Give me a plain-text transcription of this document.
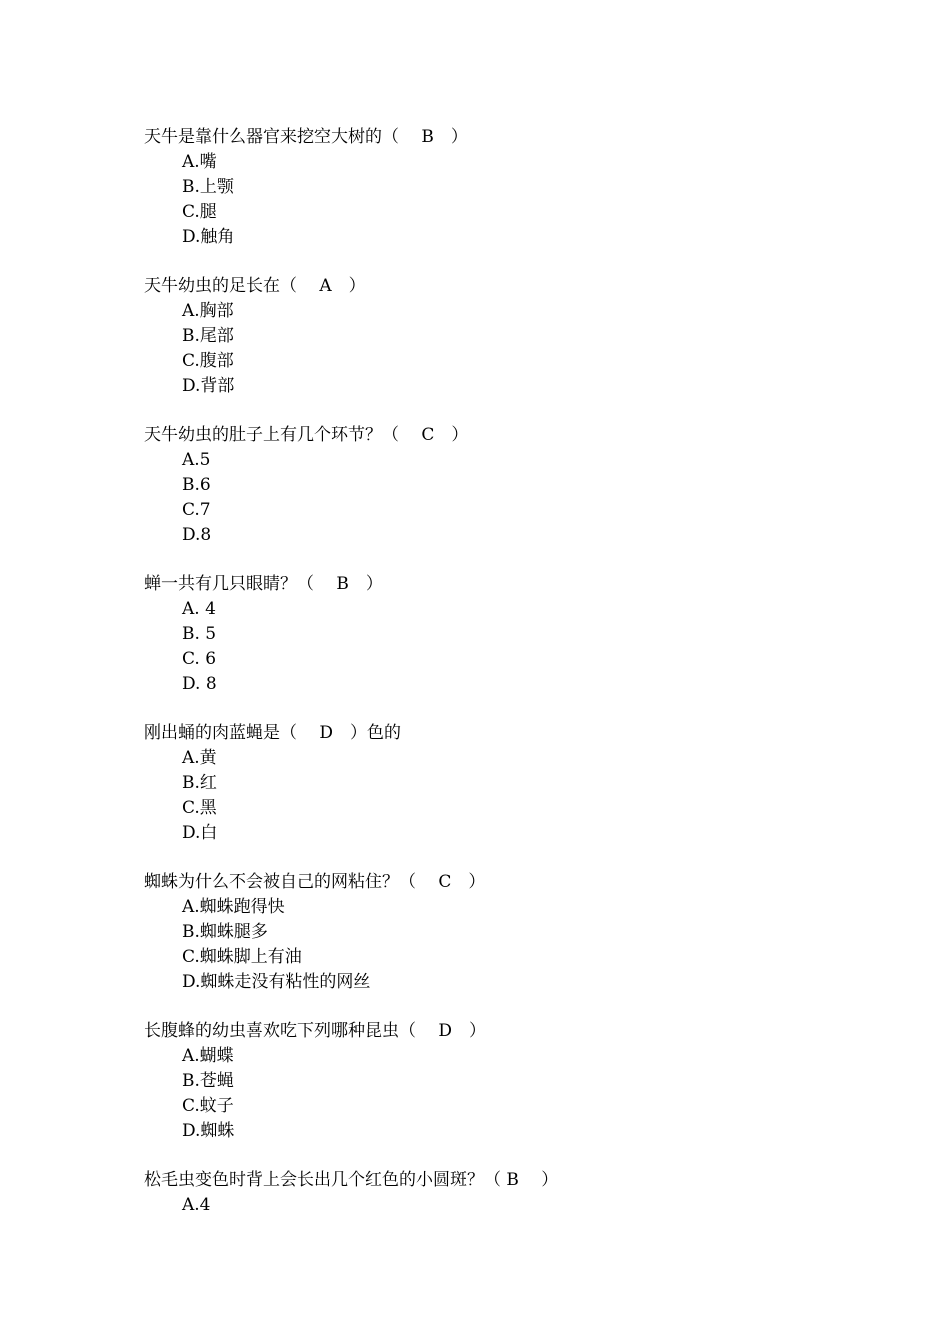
天牛是靠什么器官来挖空大树的（　 B　）
A.嘴
B.上颚
C.腿
D.触角
天牛幼虫的足长在（　 A　）
A.胸部
B.尾部
C.腹部
D.背部
天牛幼虫的肚子上有几个环节？（　 C　）
A.5
B.6
C.7
D.8
蝉一共有几只眼睛？（　 B　）
A. 4
B. 5
C. 6
D. 8
刚出蛹的肉蓝蝇是（　 D　）色的
A.黄
B.红
C.黑
D.白
蜘蛛为什么不会被自己的网粘住？（　 C　）
A.蜘蛛跑得快
B.蜘蛛腿多
C.蜘蛛脚上有油
D.蜘蛛走没有粘性的网丝
长腹蜂的幼虫喜欢吃下列哪种昆虫（　 D　）
A.蝴蝶
B.苍蝇
C.蚊子
D.蜘蛛
松毛虫变色时背上会长出几个红色的小圆斑？（ B　 ）
A.4
